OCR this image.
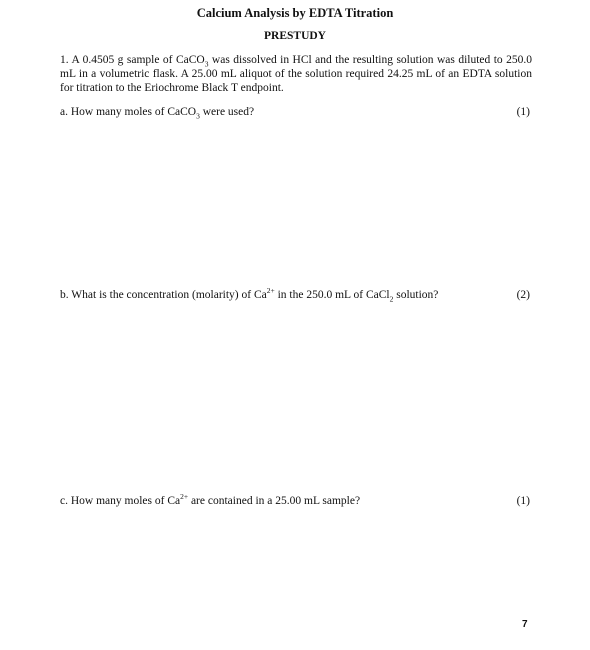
Calcium Analysis by EDTA Titration
PRESTUDY
1. A 0.4505 g sample of CaCO$_3$ was dissolved in HCl and the resulting solution was diluted to 250.0 mL in a volumetric flask. A 25.00 mL aliquot of the solution required 24.25 mL of an EDTA solution for titration to the Eriochrome Black T endpoint.
a. How many moles of CaCO$_3$ were used?	(1)
b. What is the concentration (molarity) of $Ca^{2+}$ in the 250.0 mL of CaCl$_2$ solution?	(2)
c. How many moles of $Ca^{2+}$ are contained in a 25.00 mL sample?	(1)
7
